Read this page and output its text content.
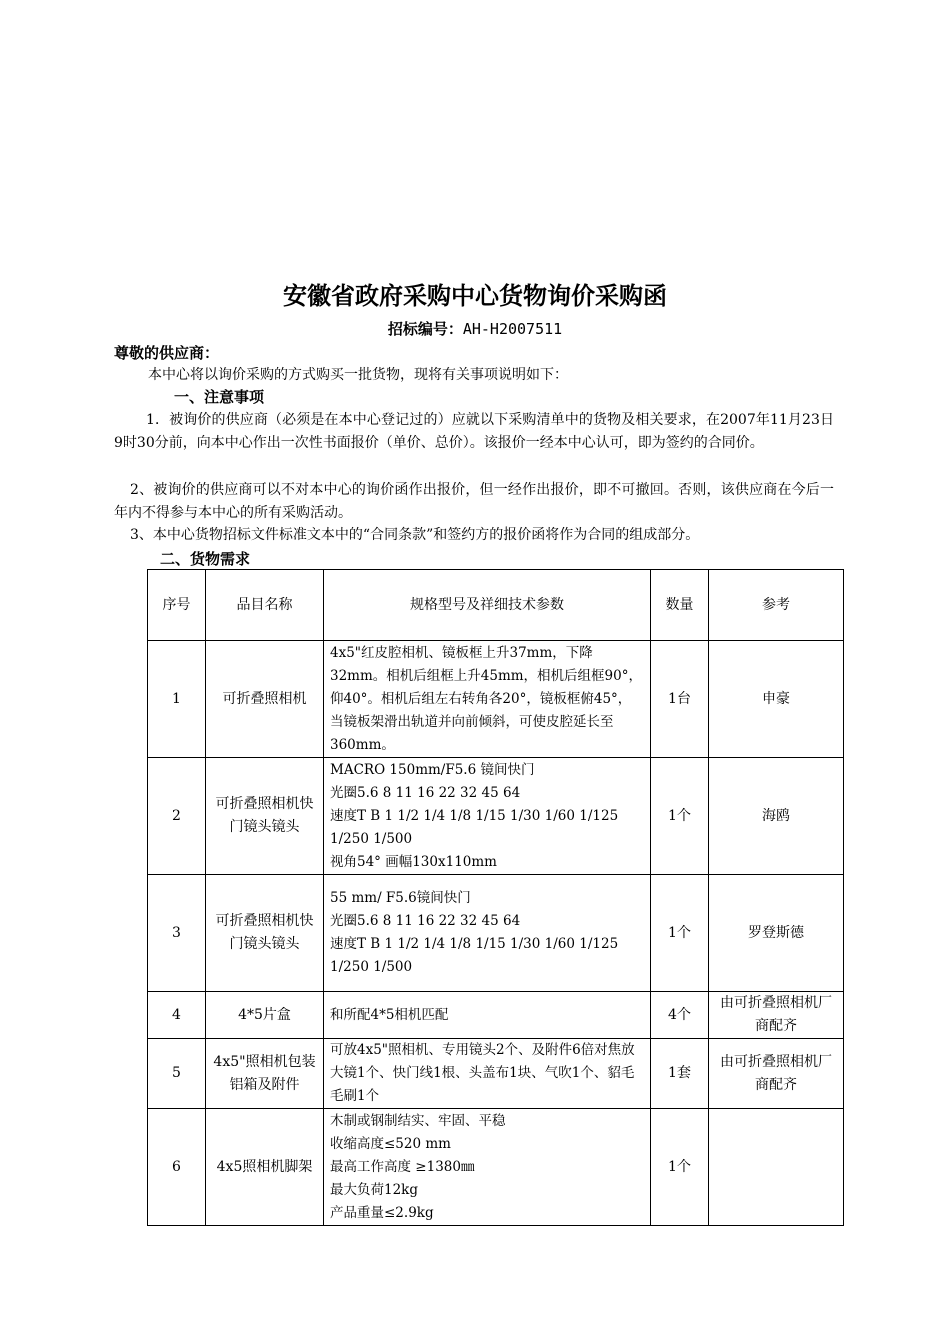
安徽省政府采购中心货物询价采购函
招标编号：AH-H2007511
尊敬的供应商：
本中心将以询价采购的方式购买一批货物，现将有关事项说明如下：
一、注意事项

1．被询价的供应商（必须是在本中心登记过的）应就以下采购清单中的货物及相关要求，在2007年11月23日9时30分前，向本中心作出一次性书面报价（单价、总价）。该报价一经本中心认可，即为签约的合同价。

2、被询价的供应商可以不对本中心的询价函作出报价，但一经作出报价，即不可撤回。否则，该供应商在今后一年内不得参与本中心的所有采购活动。

3、本中心货物招标文件标准文本中的“合同条款”和签约方的报价函将作为合同的组成部分。

二、货物需求
序号	品目名称	规格型号及祥细技术参数	数量	参考
1	可折叠照相机	4x5"红皮腔相机、镜板框上升37mm，下降32mm。相机后组框上升45mm，相机后组框90°，仰40°。相机后组左右转角各20°，镜板框俯45°，当镜板架滑出轨道并向前倾斜，可使皮腔延长至360mm。	1台	申豪
2	可折叠照相机快门镜头镜头	MACRO 150mm/F5.6 镜间快门
光圈5.6 8 11 16 22 32 45 64
速度T B 1 1/2 1/4 1/8 1/15 1/30 1/60 1/125 1/250 1/500
视角54° 画幅130x110mm	1个	海鸥
3	可折叠照相机快门镜头镜头	55 mm/ F5.6镜间快门
光圈5.6 8 11 16 22 32 45 64
速度T B 1 1/2 1/4 1/8 1/15 1/30 1/60 1/125 1/250 1/500	1个	罗登斯德
4	4*5片盒	和所配4*5相机匹配	4个	由可折叠照相机厂商配齐
5	4x5"照相机包装铝箱及附件	可放4x5"照相机、专用镜头2个、及附件6倍对焦放大镜1个、快门线1根、头盖布1块、气吹1个、貂毛毛刷1个	1套	由可折叠照相机厂商配齐
6	4x5照相机脚架	木制或钢制结实、牢固、平稳
收缩高度≤520 mm
最高工作高度 ≥1380㎜
最大负荷12kg
产品重量≤2.9kg	1个	
